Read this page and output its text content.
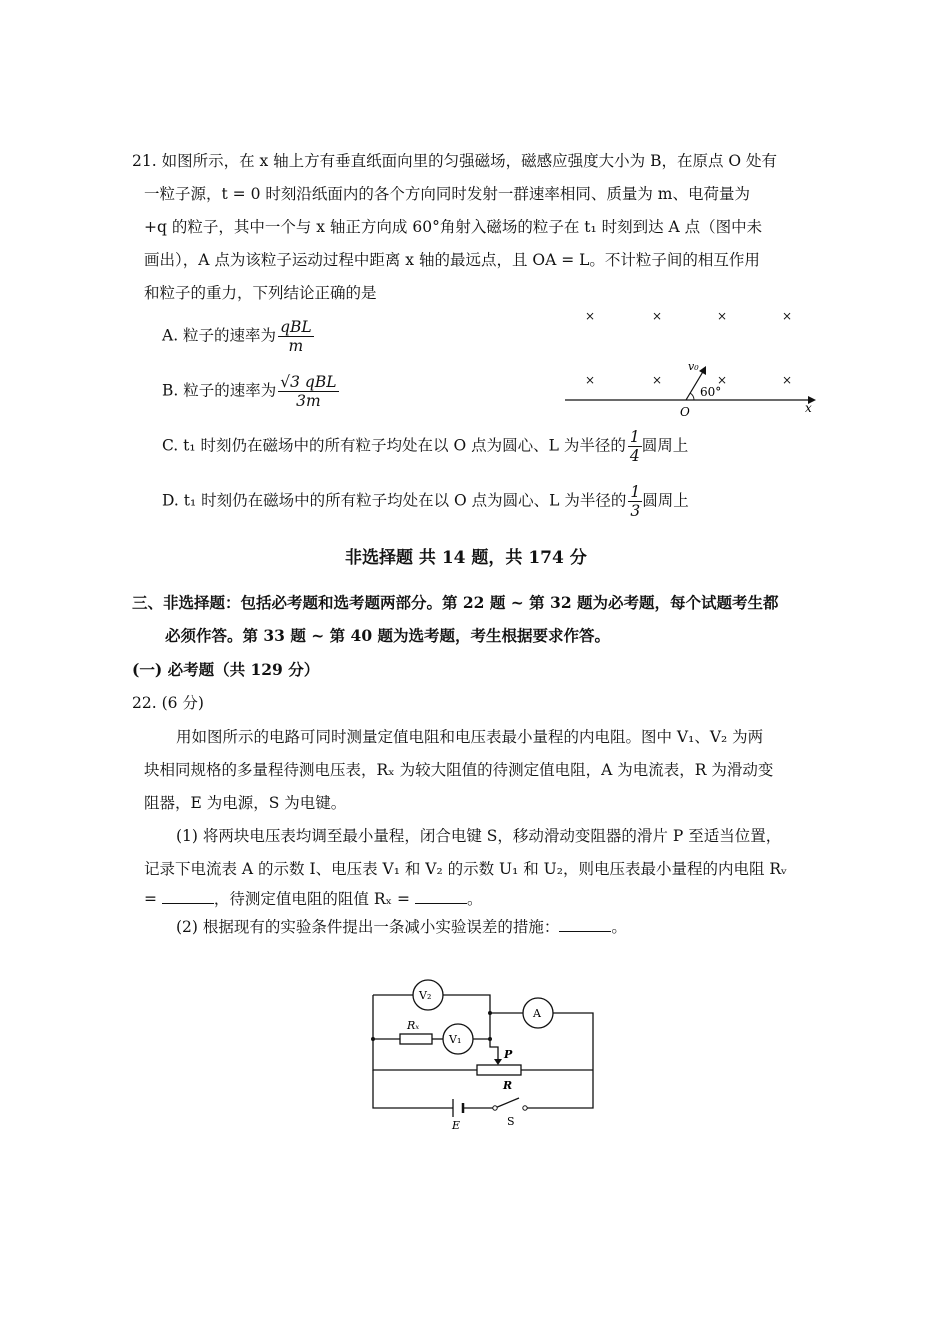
21. 如图所示，在 x 轴上方有垂直纸面向里的匀强磁场，磁感应强度大小为 B，在原点 O 处有
一粒子源，t = 0 时刻沿纸面内的各个方向同时发射一群速率相同、质量为 m、电荷量为
+q 的粒子，其中一个与 x 轴正方向成 60°角射入磁场的粒子在 t₁ 时刻到达 A 点（图中未
画出），A 点为该粒子运动过程中距离 x 轴的最远点，且 OA = L。不计粒子间的相互作用
和粒子的重力，下列结论正确的是
A. 粒子的速率为 $\frac{\text{qBL}}{m}$
B. 粒子的速率为 $\frac{\text{√3 qBL}}{3m}$
×	×	×	×
×	×	×	×
v₀
60°
O	x
C. t₁ 时刻仍在磁场中的所有粒子均处在以 O 点为圆心、L 为半径的 $\frac{1}{4}$ 圆周上
D. t₁ 时刻仍在磁场中的所有粒子均处在以 O 点为圆心、L 为半径的 $\frac{1}{3}$ 圆周上
非选择题 共 14 题，共 174 分
三、非选择题：包括必考题和选考题两部分。第 22 题 ~ 第 32 题为必考题，每个试题考生都
必须作答。第 33 题 ~ 第 40 题为选考题，考生根据要求作答。
(一) 必考题（共 129 分）
22. (6 分)
用如图所示的电路可同时测量定值电阻和电压表最小量程的内电阻。图中 V₁、V₂ 为两
块相同规格的多量程待测电压表，Rₓ 为较大阻值的待测定值电阻，A 为电流表，R 为滑动变
阻器，E 为电源，S 为电键。
(1) 将两块电压表均调至最小量程，闭合电键 S，移动滑动变阻器的滑片 P 至适当位置，
记录下电流表 A 的示数 I、电压表 V₁ 和 V₂ 的示数 U₁ 和 U₂，则电压表最小量程的内电阻 Rᵥ
=	，待测定值电阻的阻值 Rₓ =	。
(2) 根据现有的实验条件提出一条减小实验误差的措施：	。
V₂
V₁
A
Rₓ
P
R
E	S
